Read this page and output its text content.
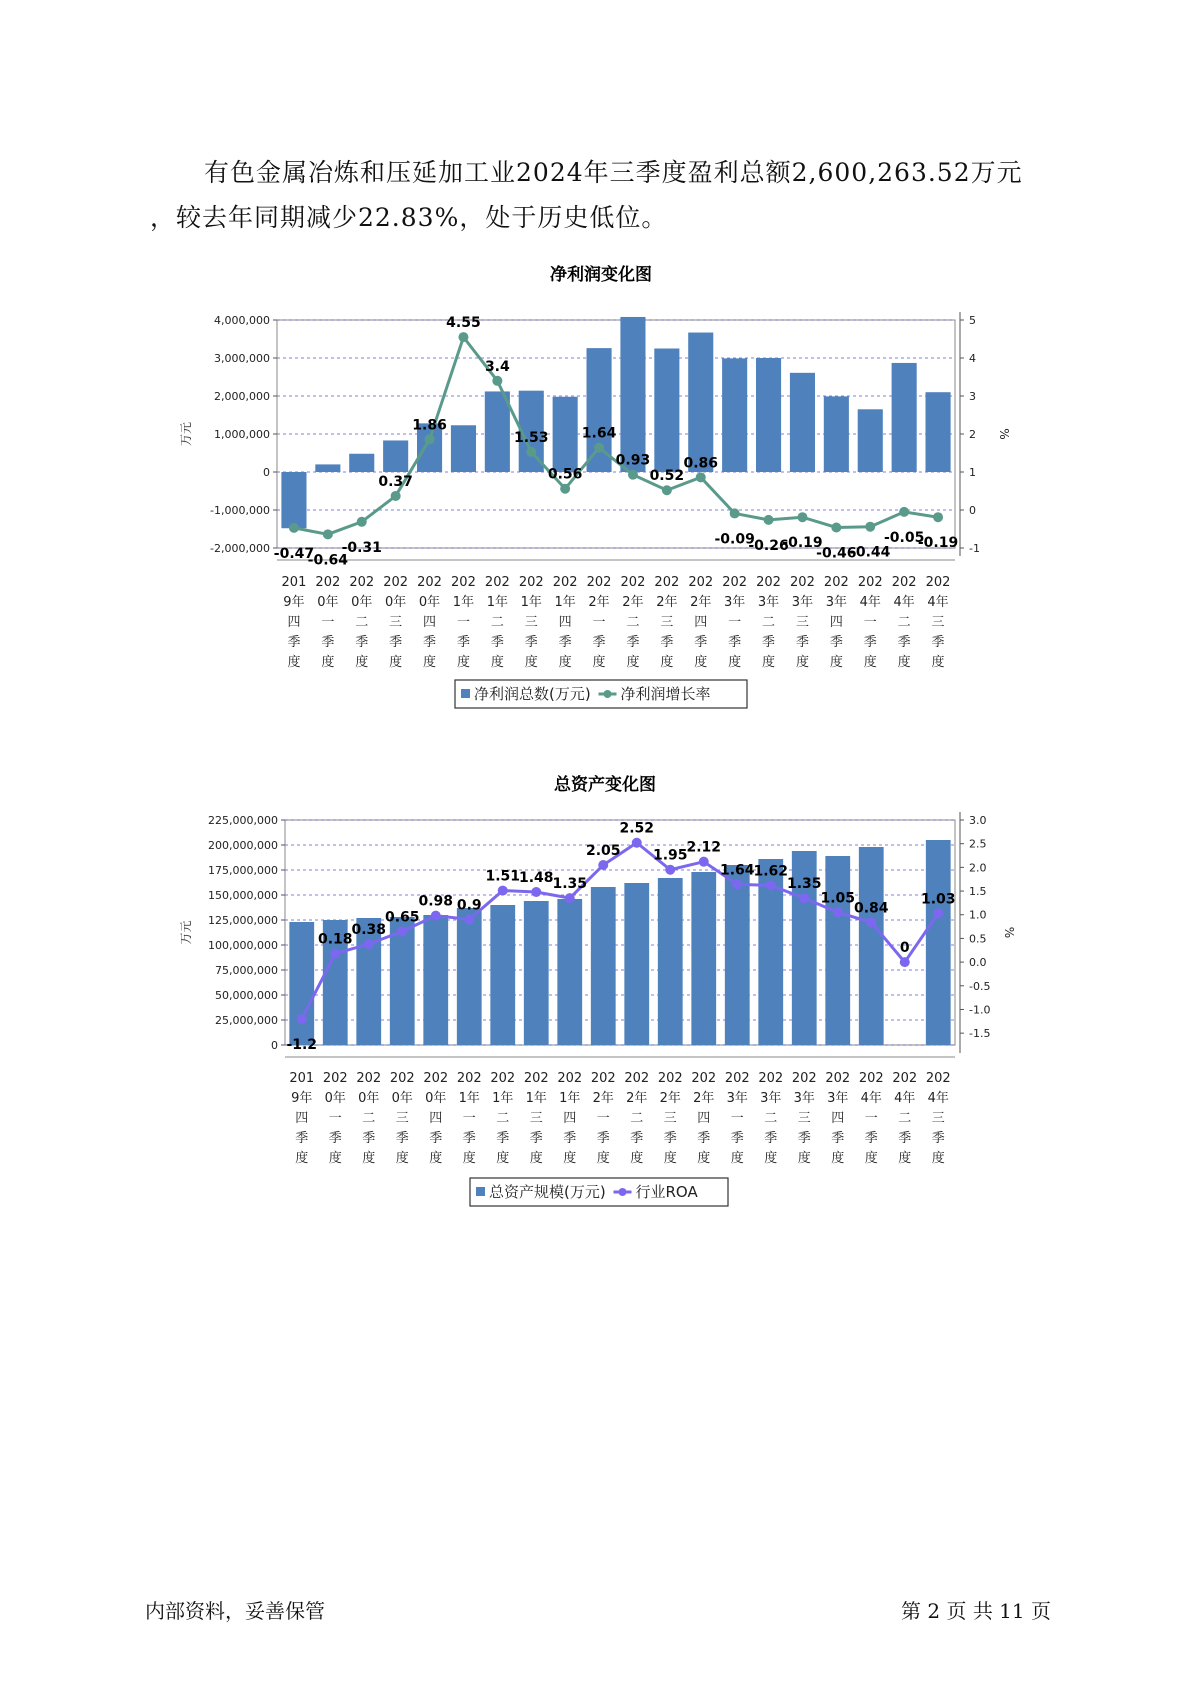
有色金属冶炼和压延加工业2024年三季度盈利总额2,600,263.52万元
，较去年同期减少22.83%，处于历史低位。
净利润变化图
-2,000,000
-1,000,000
0
1,000,000
2,000,000
3,000,000
4,000,000
-1
0
1
2
3
4
5
万元	%
201
9年
四
季
度
202
0年
一
季
度
202
0年
二
季
度
202
0年
三
季
度
202
0年
四
季
度
202
1年
一
季
度
202
1年
二
季
度
202
1年
三
季
度
202
1年
四
季
度
202
2年
一
季
度
202
2年
二
季
度
202
2年
三
季
度
202
2年
四
季
度
202
3年
一
季
度
202
3年
二
季
度
202
3年
三
季
度
202
3年
四
季
度
202
4年
一
季
度
202
4年
二
季
度
202
4年
三
季
度
-0.47
-0.64
-0.31
0.37
1.86
4.55
3.4
1.53
0.56
1.64
0.93
0.52
0.86
-0.09
-0.26
-0.19
-0.46
-0.44
-0.05
-0.19
净利润总数(万元) 净利润增长率
总资产变化图
0
25,000,000
50,000,000
75,000,000
100,000,000
125,000,000
150,000,000
175,000,000
200,000,000
225,000,000
-1.5
-1.0
-0.5
0.0
0.5
1.0
1.5
2.0
2.5
3.0
万元	%
201
9年
四
季
度
202
0年
一
季
度
202
0年
二
季
度
202
0年
三
季
度
202
0年
四
季
度
202
1年
一
季
度
202
1年
二
季
度
202
1年
三
季
度
202
1年
四
季
度
202
2年
一
季
度
202
2年
二
季
度
202
2年
三
季
度
202
2年
四
季
度
202
3年
一
季
度
202
3年
二
季
度
202
3年
三
季
度
202
3年
四
季
度
202
4年
一
季
度
202
4年
二
季
度
202
4年
三
季
度
-1.2
0.18
0.38
0.65
0.98 0.9
1.51
1.48
1.35
2.05
2.52
1.95
2.12
1.64
1.62
1.35
1.05
0.84
0
1.03
总资产规模(万元) 行业ROA
内部资料，妥善保管	第 2 页 共 11 页
